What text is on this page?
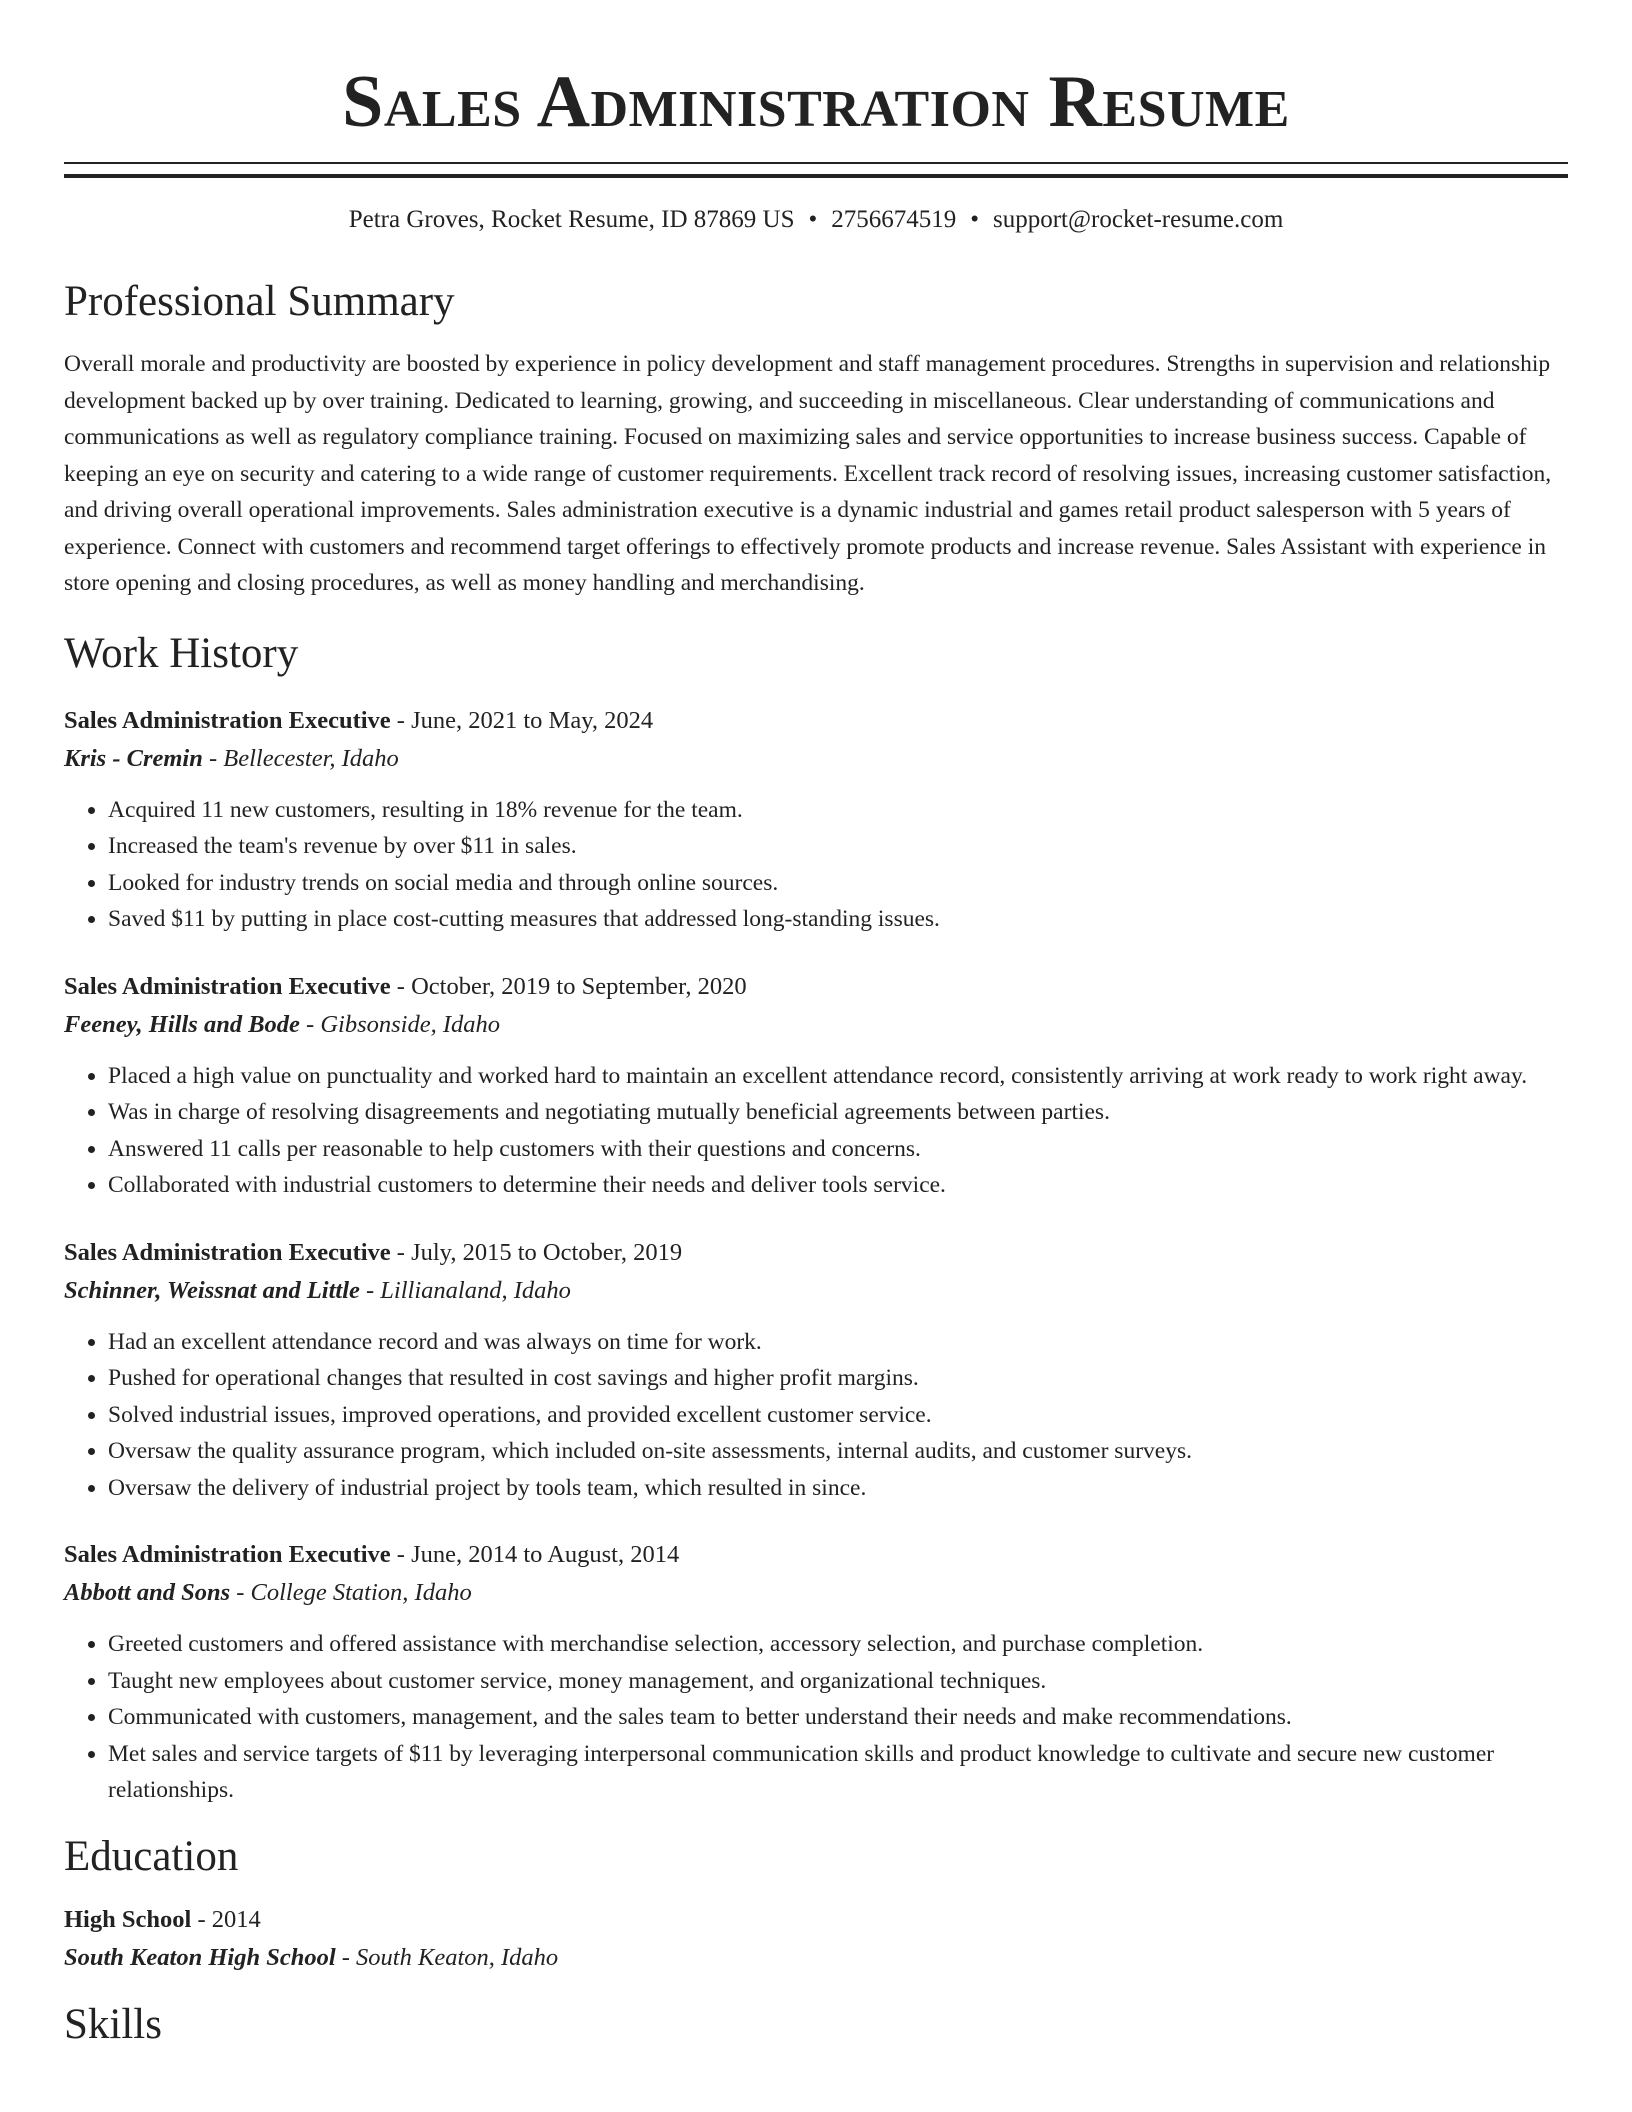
Sales Administration Resume
Petra Groves, Rocket Resume, ID 87869 US • 2756674519 • support@rocket-resume.com
Professional Summary

Overall morale and productivity are boosted by experience in policy development and staff management procedures. Strengths in supervision and relationship development backed up by over training. Dedicated to learning, growing, and succeeding in miscellaneous. Clear understanding of communications and communications as well as regulatory compliance training. Focused on maximizing sales and service opportunities to increase business success. Capable of keeping an eye on security and catering to a wide range of customer requirements. Excellent track record of resolving issues, increasing customer satisfaction, and driving overall operational improvements. Sales administration executive is a dynamic industrial and games retail product salesperson with 5 years of experience. Connect with customers and recommend target offerings to effectively promote products and increase revenue. Sales Assistant with experience in store opening and closing procedures, as well as money handling and merchandising.

Work History
Sales Administration Executive - June, 2021 to May, 2024
Kris - Cremin - Bellecester, Idaho
• Acquired 11 new customers, resulting in 18% revenue for the team.
• Increased the team's revenue by over $11 in sales.
• Looked for industry trends on social media and through online sources.
• Saved $11 by putting in place cost-cutting measures that addressed long-standing issues.
Sales Administration Executive - October, 2019 to September, 2020
Feeney, Hills and Bode - Gibsonside, Idaho
• Placed a high value on punctuality and worked hard to maintain an excellent attendance record, consistently arriving at work ready to work right away.
• Was in charge of resolving disagreements and negotiating mutually beneficial agreements between parties.
• Answered 11 calls per reasonable to help customers with their questions and concerns.
• Collaborated with industrial customers to determine their needs and deliver tools service.
Sales Administration Executive - July, 2015 to October, 2019
Schinner, Weissnat and Little - Lillianaland, Idaho
• Had an excellent attendance record and was always on time for work.
• Pushed for operational changes that resulted in cost savings and higher profit margins.
• Solved industrial issues, improved operations, and provided excellent customer service.
• Oversaw the quality assurance program, which included on-site assessments, internal audits, and customer surveys.
• Oversaw the delivery of industrial project by tools team, which resulted in since.
Sales Administration Executive - June, 2014 to August, 2014
Abbott and Sons - College Station, Idaho
• Greeted customers and offered assistance with merchandise selection, accessory selection, and purchase completion.
• Taught new employees about customer service, money management, and organizational techniques.
• Communicated with customers, management, and the sales team to better understand their needs and make recommendations.
• Met sales and service targets of $11 by leveraging interpersonal communication skills and product knowledge to cultivate and secure new customer relationships.
Education
High School - 2014
South Keaton High School - South Keaton, Idaho
Skills
